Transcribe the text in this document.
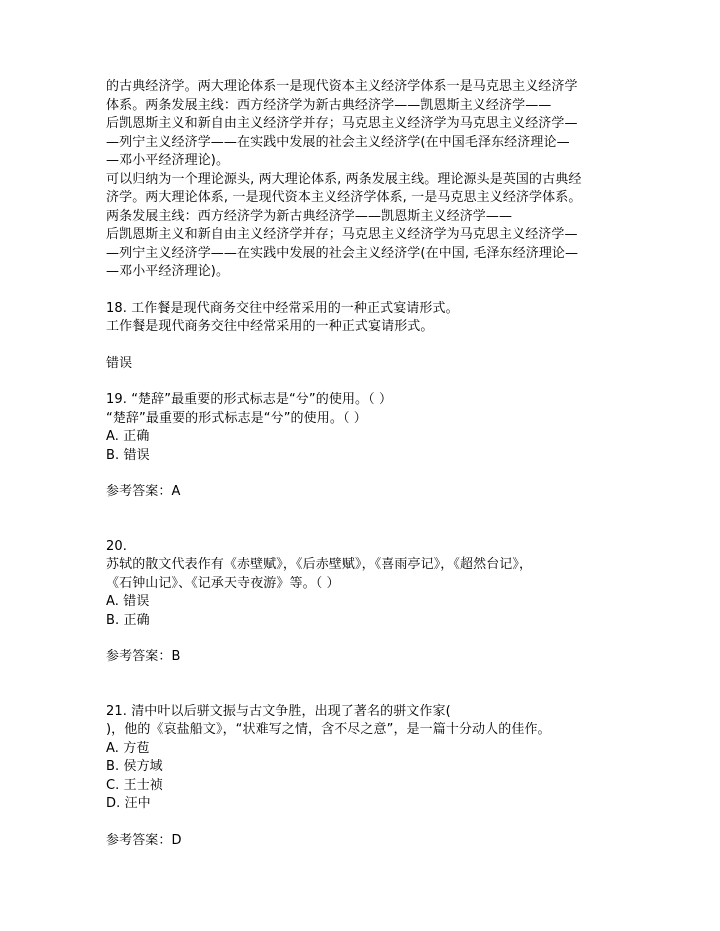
的古典经济学。两大理论体系一是现代资本主义经济学体系一是马克思主义经济学
体系。两条发展主线：西方经济学为新古典经济学——凯恩斯主义经济学——
后凯恩斯主义和新自由主义经济学并存；马克思主义经济学为马克思主义经济学—
—列宁主义经济学——在实践中发展的社会主义经济学(在中国毛泽东经济理论—
—邓小平经济理论)。
可以归纳为一个理论源头, 两大理论体系, 两条发展主线。理论源头是英国的古典经
济学。两大理论体系, 一是现代资本主义经济学体系, 一是马克思主义经济学体系。
两条发展主线：西方经济学为新古典经济学——凯恩斯主义经济学——
后凯恩斯主义和新自由主义经济学并存；马克思主义经济学为马克思主义经济学—
—列宁主义经济学——在实践中发展的社会主义经济学(在中国, 毛泽东经济理论—
—邓小平经济理论)。
18. 工作餐是现代商务交往中经常采用的一种正式宴请形式。
工作餐是现代商务交往中经常采用的一种正式宴请形式。
错误
19. “楚辞”最重要的形式标志是“兮”的使用。（ ）
“楚辞”最重要的形式标志是“兮”的使用。（ ）
A. 正确
B. 错误
参考答案：A
20.
苏轼的散文代表作有《赤壁赋》，《后赤壁赋》，《喜雨亭记》，《超然台记》，
《石钟山记》、《记承天寺夜游》等。（ ）
A. 错误
B. 正确
参考答案：B
21. 清中叶以后骈文振与古文争胜，出现了著名的骈文作家(
)，他的《哀盐船文》，“状难写之情，含不尽之意”，是一篇十分动人的佳作。
A. 方苞
B. 侯方域
C. 王士祯
D. 汪中
参考答案：D
